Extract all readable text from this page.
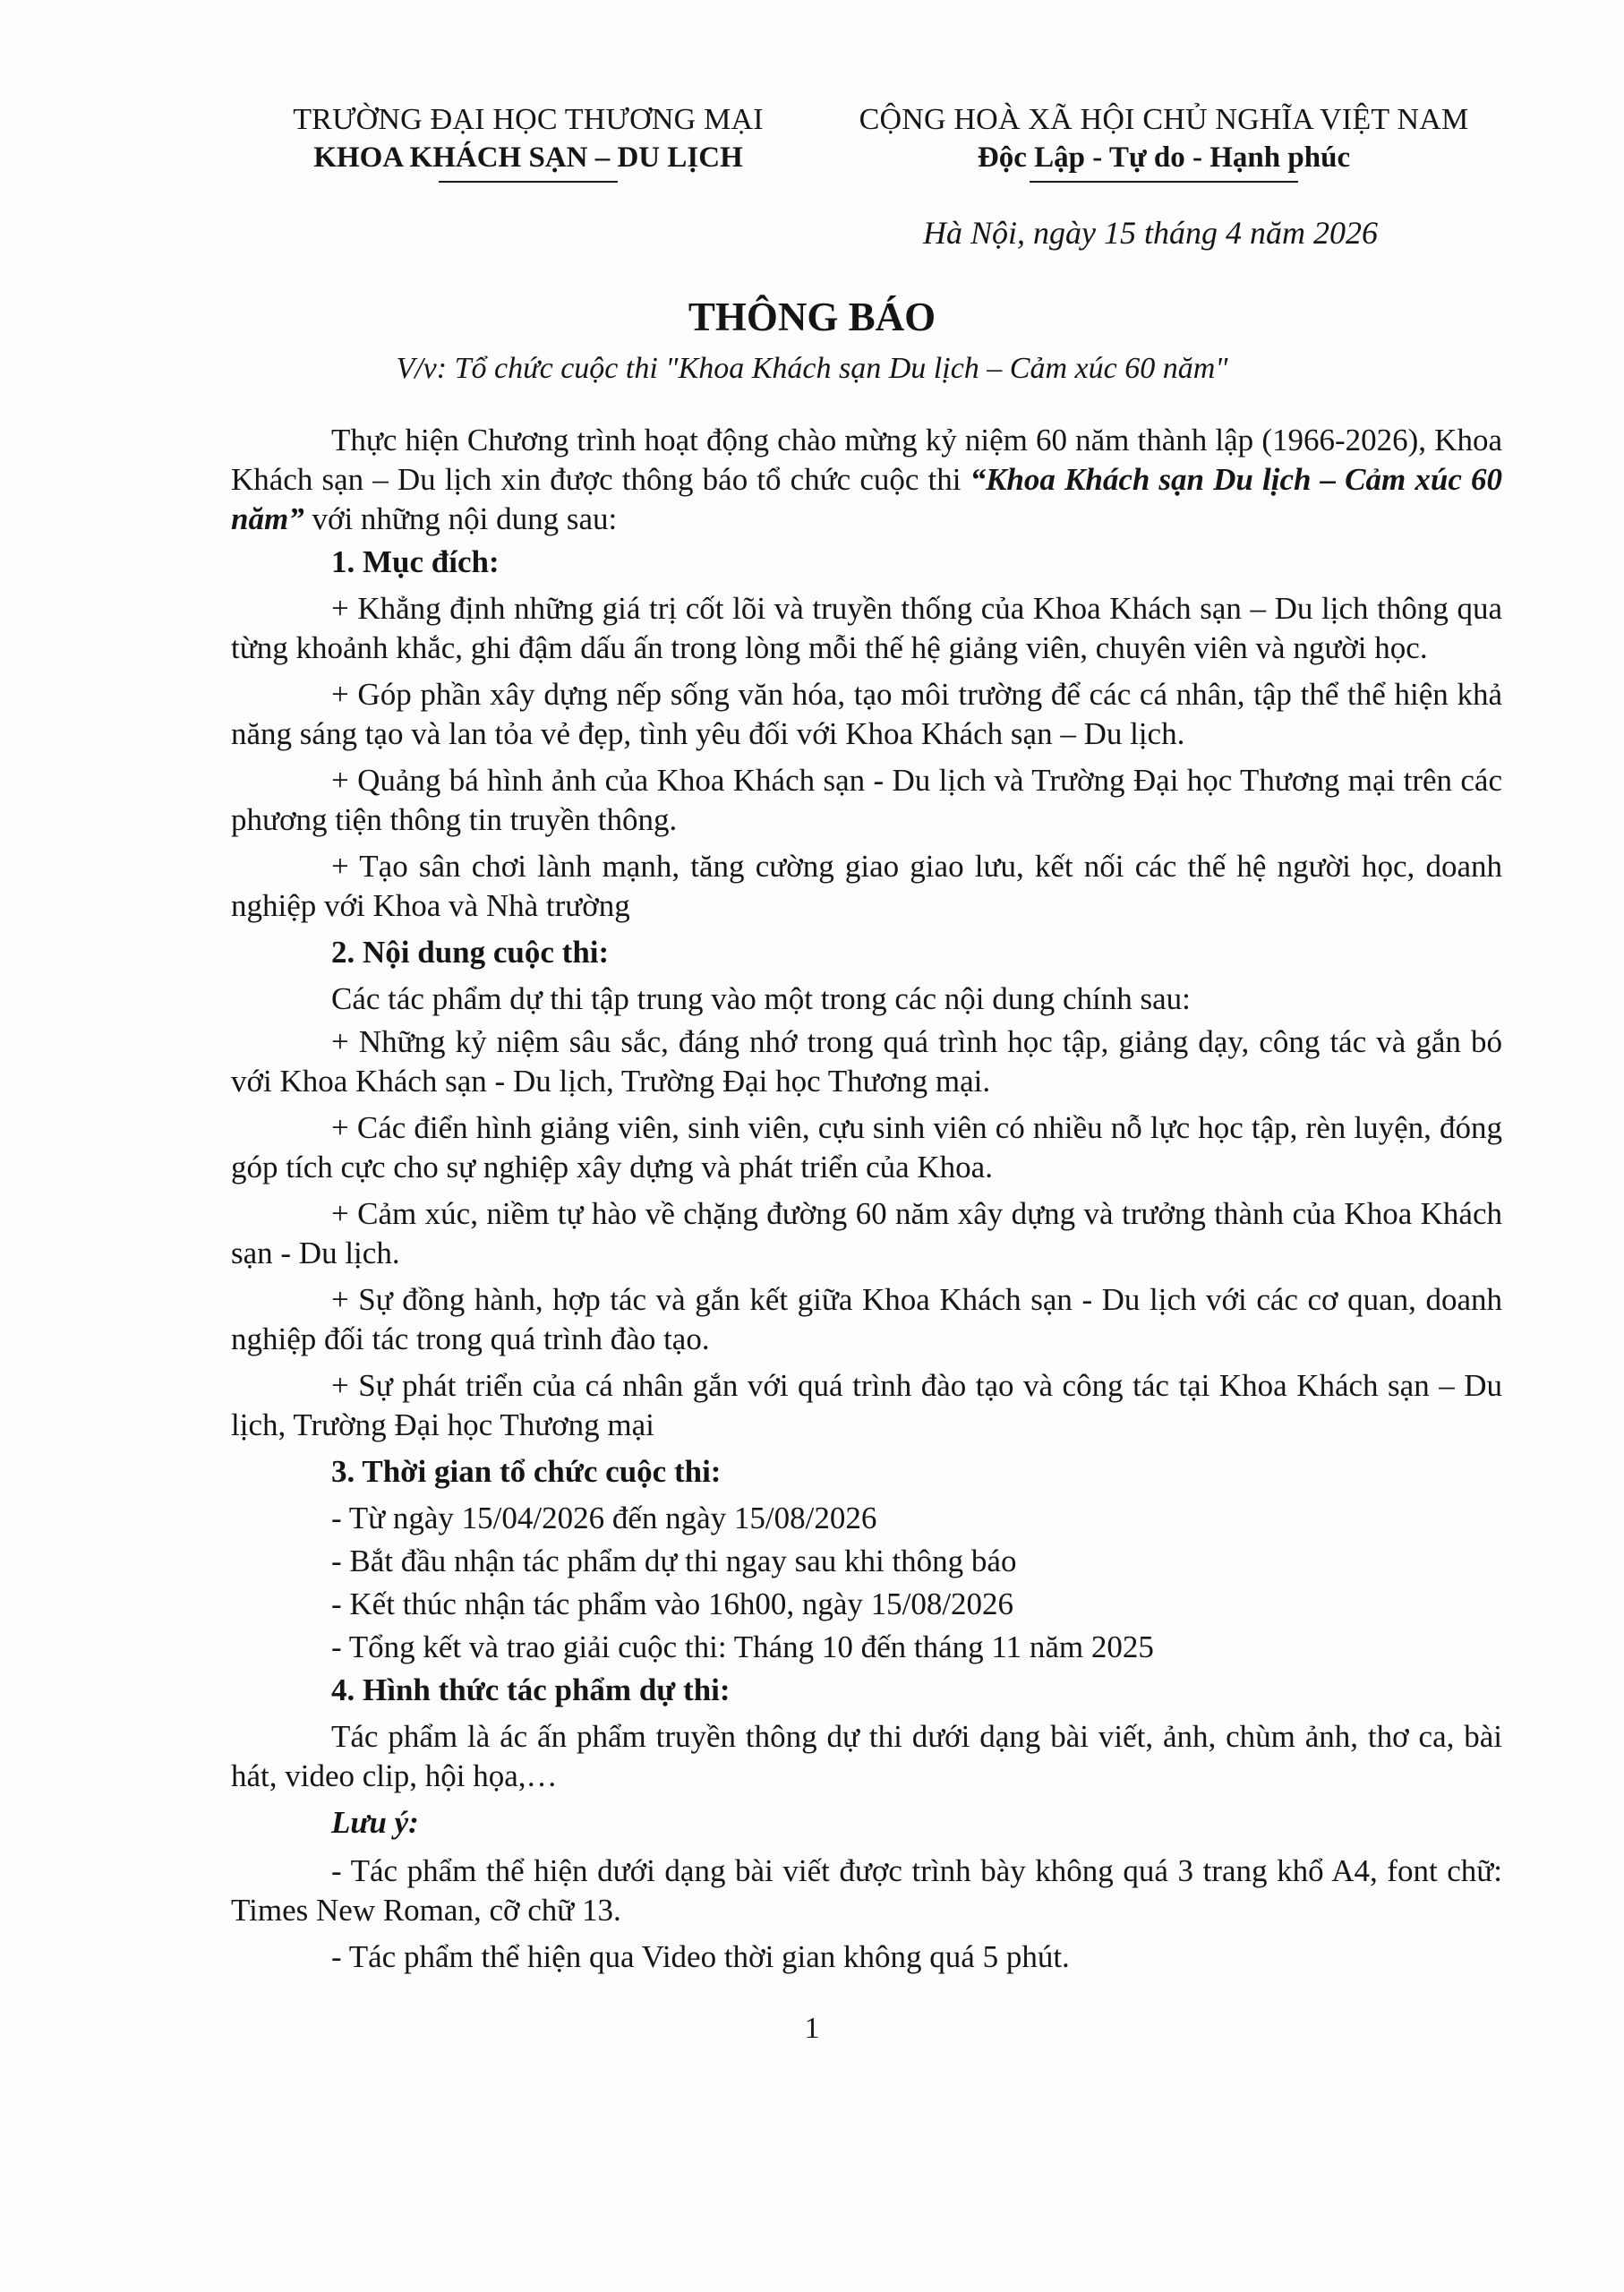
TRƯỜNG ĐẠI HỌC THƯƠNG MẠI
KHOA KHÁCH SẠN – DU LỊCH
CỘNG HOÀ XÃ HỘI CHỦ NGHĨA VIỆT NAM
Độc Lập - Tự do - Hạnh phúc
Hà Nội, ngày 15 tháng 4 năm 2026
THÔNG BÁO
V/v: Tổ chức cuộc thi "Khoa Khách sạn Du lịch – Cảm xúc 60 năm"

Thực hiện Chương trình hoạt động chào mừng kỷ niệm 60 năm thành lập (1966-2026), Khoa Khách sạn – Du lịch xin được thông báo tổ chức cuộc thi “Khoa Khách sạn Du lịch – Cảm xúc 60 năm” với những nội dung sau:

1. Mục đích:

+ Khẳng định những giá trị cốt lõi và truyền thống của Khoa Khách sạn – Du lịch thông qua từng khoảnh khắc, ghi đậm dấu ấn trong lòng mỗi thế hệ giảng viên, chuyên viên và người học.

+ Góp phần xây dựng nếp sống văn hóa, tạo môi trường để các cá nhân, tập thể thể hiện khả năng sáng tạo và lan tỏa vẻ đẹp, tình yêu đối với Khoa Khách sạn – Du lịch.

+ Quảng bá hình ảnh của Khoa Khách sạn - Du lịch và Trường Đại học Thương mại trên các phương tiện thông tin truyền thông.

+ Tạo sân chơi lành mạnh, tăng cường giao giao lưu, kết nối các thế hệ người học, doanh nghiệp với Khoa và Nhà trường

2. Nội dung cuộc thi:
Các tác phẩm dự thi tập trung vào một trong các nội dung chính sau:

+ Những kỷ niệm sâu sắc, đáng nhớ trong quá trình học tập, giảng dạy, công tác và gắn bó với Khoa Khách sạn - Du lịch, Trường Đại học Thương mại.

+ Các điển hình giảng viên, sinh viên, cựu sinh viên có nhiều nỗ lực học tập, rèn luyện, đóng góp tích cực cho sự nghiệp xây dựng và phát triển của Khoa.

+ Cảm xúc, niềm tự hào về chặng đường 60 năm xây dựng và trưởng thành của Khoa Khách sạn - Du lịch.

+ Sự đồng hành, hợp tác và gắn kết giữa Khoa Khách sạn - Du lịch với các cơ quan, doanh nghiệp đối tác trong quá trình đào tạo.

+ Sự phát triển của cá nhân gắn với quá trình đào tạo và công tác tại Khoa Khách sạn – Du lịch, Trường Đại học Thương mại

3. Thời gian tổ chức cuộc thi:
- Từ ngày 15/04/2026 đến ngày 15/08/2026
- Bắt đầu nhận tác phẩm dự thi ngay sau khi thông báo
- Kết thúc nhận tác phẩm vào 16h00, ngày 15/08/2026
- Tổng kết và trao giải cuộc thi: Tháng 10 đến tháng 11 năm 2025
4. Hình thức tác phẩm dự thi:

Tác phẩm là ác ấn phẩm truyền thông dự thi dưới dạng bài viết, ảnh, chùm ảnh, thơ ca, bài hát, video clip, hội họa,…

Lưu ý:

- Tác phẩm thể hiện dưới dạng bài viết được trình bày không quá 3 trang khổ A4, font chữ: Times New Roman, cỡ chữ 13.

- Tác phẩm thể hiện qua Video thời gian không quá 5 phút.

1
